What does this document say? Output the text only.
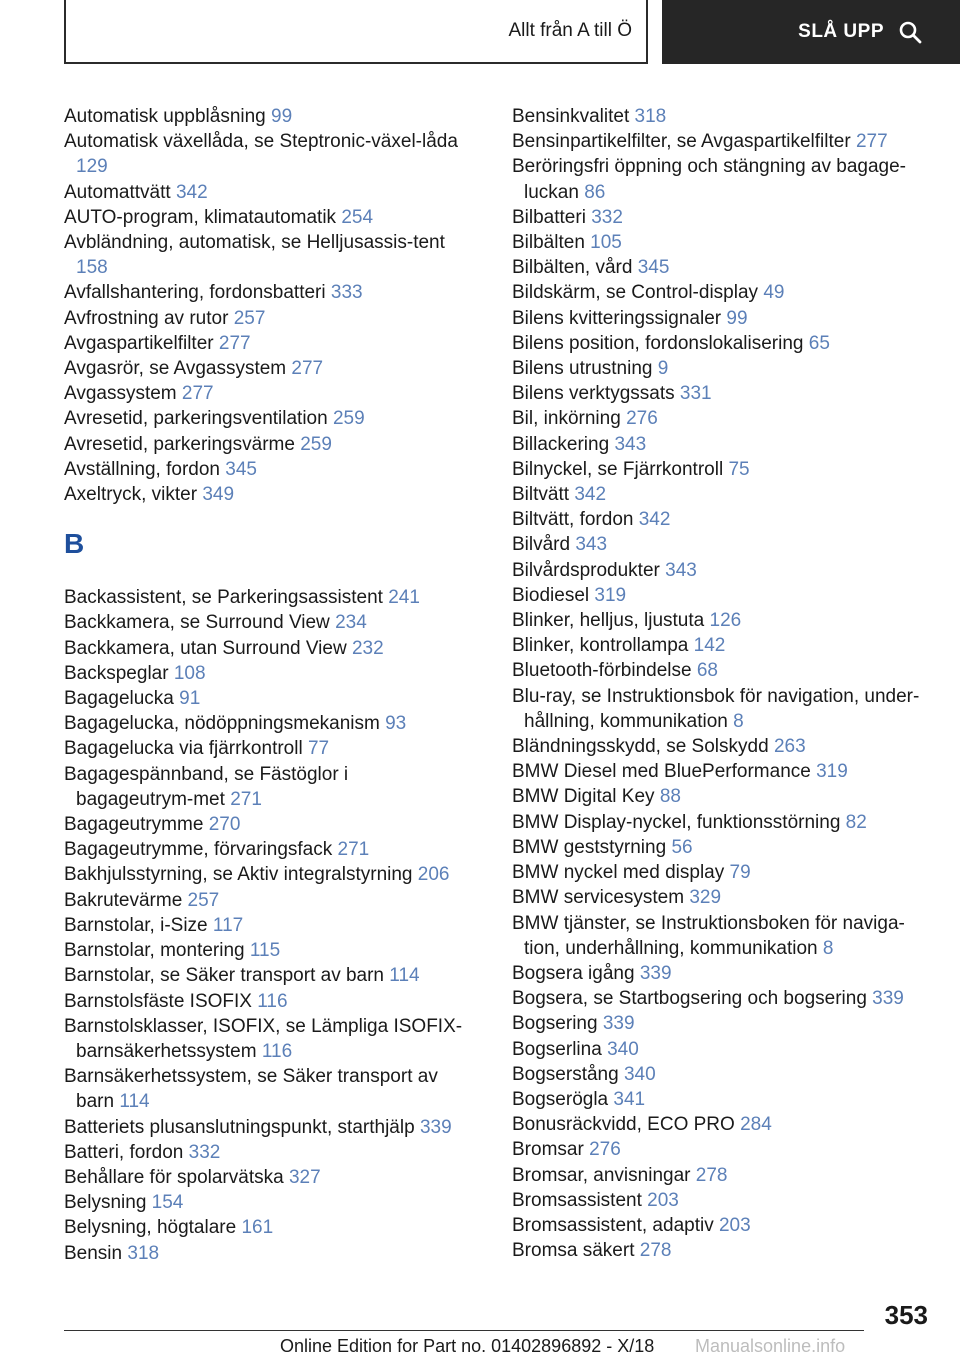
Allt från A till Ö	SLÅ UPP
Automatisk uppblåsning 99
Automatisk växellåda, se Steptronic-växel-låda 129
Automattvätt 342
AUTO-program, klimatautomatik 254
Avbländning, automatisk, se Helljusassis-tent 158
Avfallshantering, fordonsbatteri 333
Avfrostning av rutor 257
Avgaspartikelfilter 277
Avgasrör, se Avgassystem 277
Avgassystem 277
Avresetid, parkeringsventilation 259
Avresetid, parkeringsvärme 259
Avställning, fordon 345
Axeltryck, vikter 349
B
Backassistent, se Parkeringsassistent 241
Backkamera, se Surround View 234
Backkamera, utan Surround View 232
Backspeglar 108
Bagagelucka 91
Bagagelucka, nödöppningsmekanism 93
Bagagelucka via fjärrkontroll 77
Bagagespännband, se Fästöglor i bagageutrym-met 271
Bagageutrymme 270
Bagageutrymme, förvaringsfack 271
Bakhjulsstyrning, se Aktiv integralstyrning 206
Bakrutevärme 257
Barnstolar, i-Size 117
Barnstolar, montering 115
Barnstolar, se Säker transport av barn 114
Barnstolsfäste ISOFIX 116
Barnstolsklasser, ISOFIX, se Lämpliga ISOFIX-barnsäkerhetssystem 116
Barnsäkerhetssystem, se Säker transport av barn 114
Batteriets plusanslutningspunkt, starthjälp 339
Batteri, fordon 332
Behållare för spolarvätska 327
Belysning 154
Belysning, högtalare 161
Bensin 318
Bensinkvalitet 318
Bensinpartikelfilter, se Avgaspartikelfilter 277
Beröringsfri öppning och stängning av bagage-luckan 86
Bilbatteri 332
Bilbälten 105
Bilbälten, vård 345
Bildskärm, se Control-display 49
Bilens kvitteringssignaler 99
Bilens position, fordonslokalisering 65
Bilens utrustning 9
Bilens verktygssats 331
Bil, inkörning 276
Billackering 343
Bilnyckel, se Fjärrkontroll 75
Biltvätt 342
Biltvätt, fordon 342
Bilvård 343
Bilvårdsprodukter 343
Biodiesel 319
Blinker, helljus, ljustuta 126
Blinker, kontrollampa 142
Bluetooth-förbindelse 68
Blu-ray, se Instruktionsbok för navigation, under-hållning, kommunikation 8
Bländningsskydd, se Solskydd 263
BMW Diesel med BluePerformance 319
BMW Digital Key 88
BMW Display-nyckel, funktionsstörning 82
BMW geststyrning 56
BMW nyckel med display 79
BMW servicesystem 329
BMW tjänster, se Instruktionsboken för naviga-tion, underhållning, kommunikation 8
Bogsera igång 339
Bogsera, se Startbogsering och bogsering 339
Bogsering 339
Bogserlina 340
Bogserstång 340
Bogserögla 341
Bonusräckvidd, ECO PRO 284
Bromsar 276
Bromsar, anvisningar 278
Bromsassistent 203
Bromsassistent, adaptiv 203
Bromsa säkert 278
353
Online Edition for Part no. 01402896892 - X/18 Manualsonline.info
